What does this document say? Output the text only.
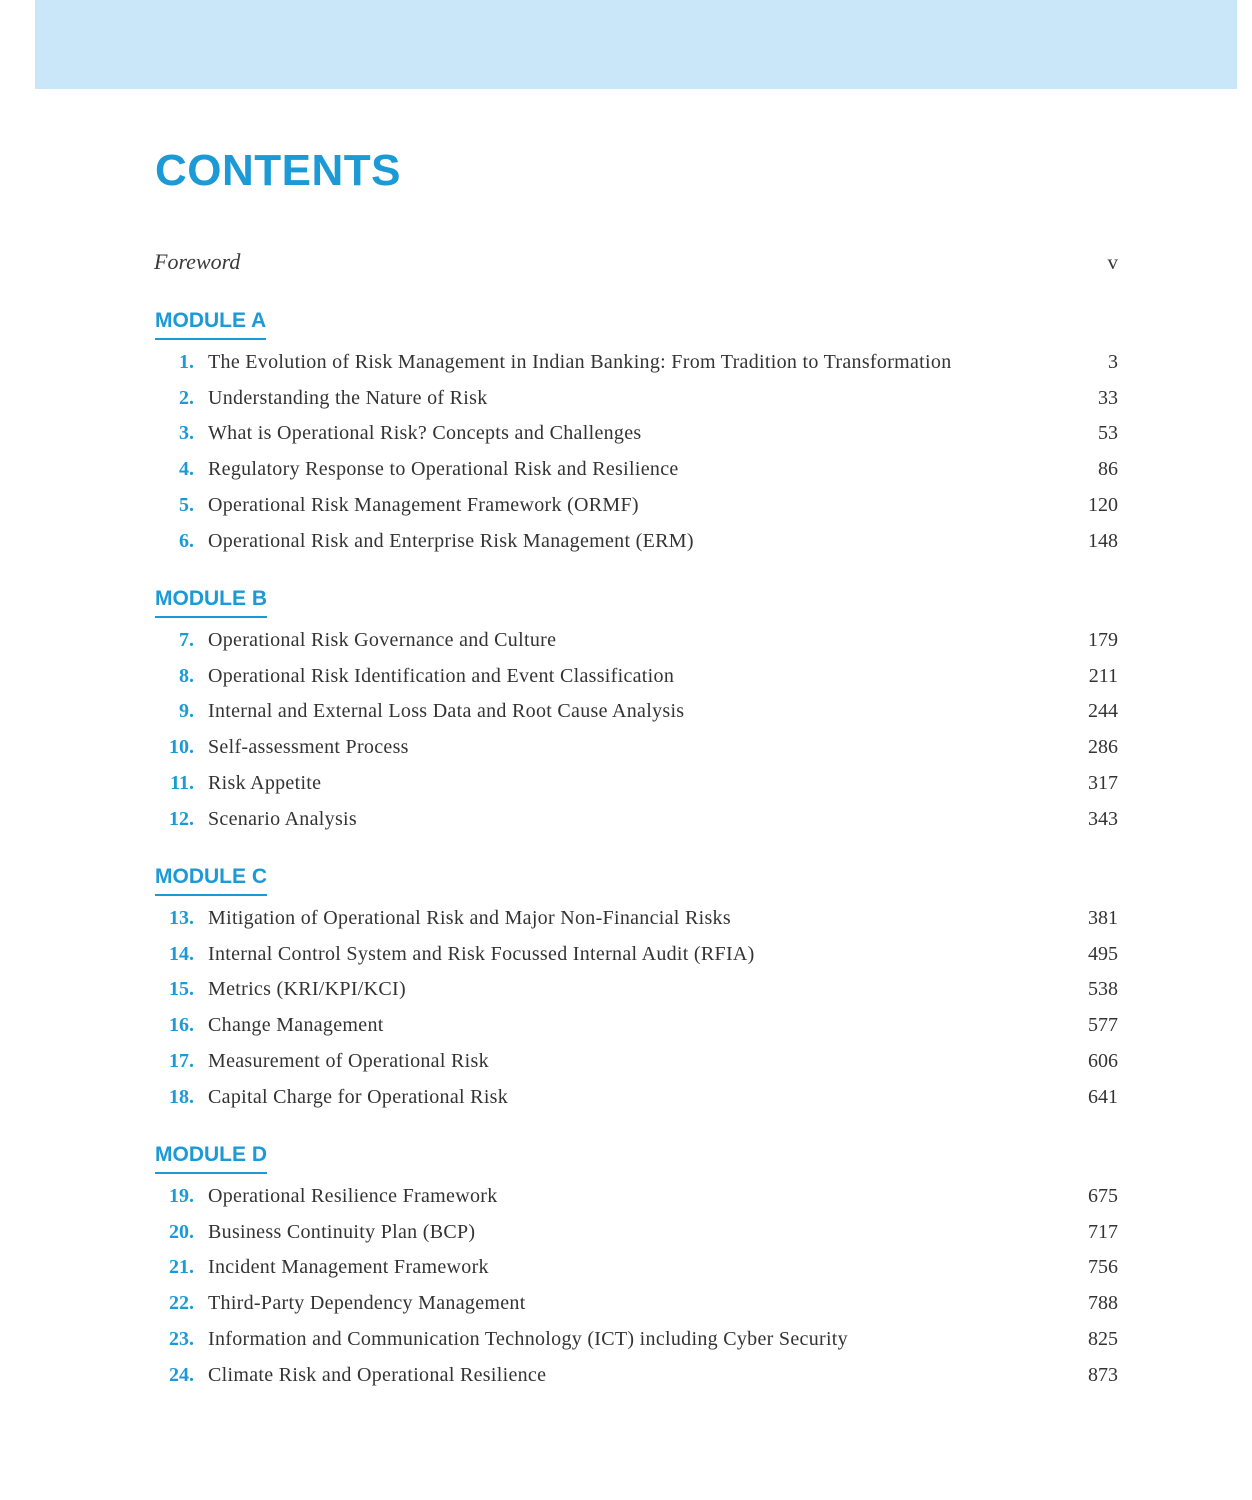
CONTENTS
Foreword	v
MODULE A
1. The Evolution of Risk Management in Indian Banking: From Tradition to Transformation	3
2. Understanding the Nature of Risk	33
3. What is Operational Risk? Concepts and Challenges	53
4. Regulatory Response to Operational Risk and Resilience	86
5. Operational Risk Management Framework (ORMF)	120
6. Operational Risk and Enterprise Risk Management (ERM)	148
MODULE B
7. Operational Risk Governance and Culture	179
8. Operational Risk Identification and Event Classification	211
9. Internal and External Loss Data and Root Cause Analysis	244
10. Self-assessment Process	286
11. Risk Appetite	317
12. Scenario Analysis	343
MODULE C
13. Mitigation of Operational Risk and Major Non-Financial Risks	381
14. Internal Control System and Risk Focussed Internal Audit (RFIA)	495
15. Metrics (KRI/KPI/KCI)	538
16. Change Management	577
17. Measurement of Operational Risk	606
18. Capital Charge for Operational Risk	641
MODULE D
19. Operational Resilience Framework	675
20. Business Continuity Plan (BCP)	717
21. Incident Management Framework	756
22. Third-Party Dependency Management	788
23. Information and Communication Technology (ICT) including Cyber Security	825
24. Climate Risk and Operational Resilience	873
